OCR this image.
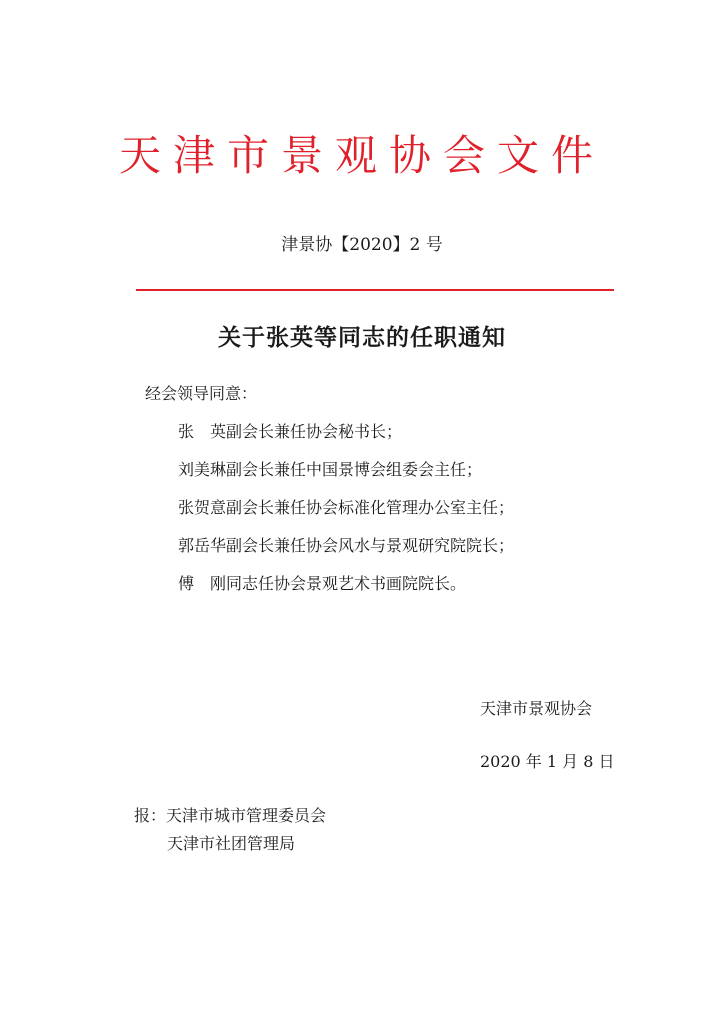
天津市景观协会文件
津景协【2020】2 号
关于张英等同志的任职通知
经会领导同意：
张　英副会长兼任协会秘书长；
刘美琳副会长兼任中国景博会组委会主任；
张贺意副会长兼任协会标准化管理办公室主任；
郭岳华副会长兼任协会风水与景观研究院院长；
傅　刚同志任协会景观艺术书画院院长。
天津市景观协会
2020 年 1 月 8 日
报：天津市城市管理委员会
天津市社团管理局
